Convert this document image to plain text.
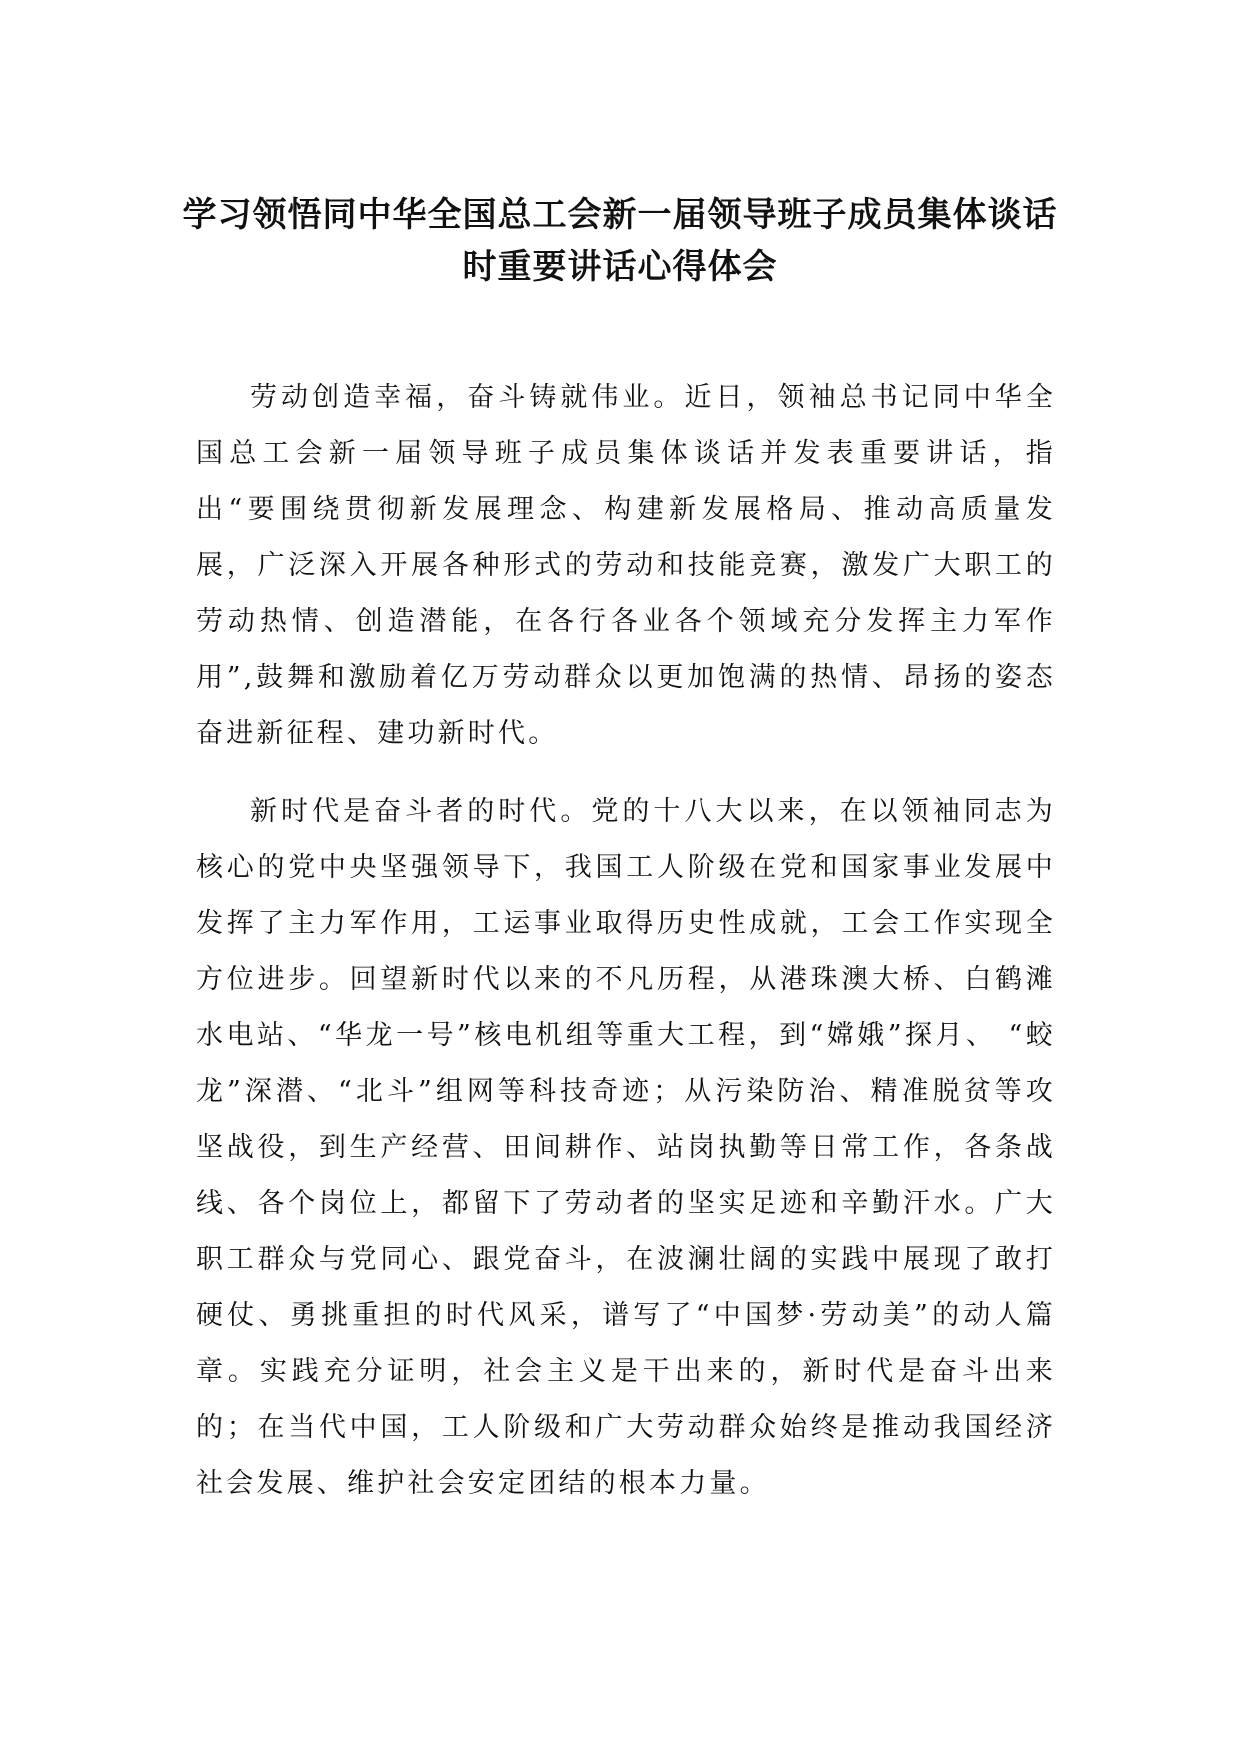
学习领悟同中华全国总工会新一届领导班子成员集体谈话
时重要讲话心得体会

劳动创造幸福，奋斗铸就伟业。近日，领袖总书记同中华全国总工会新一届领导班子成员集体谈话并发表重要讲话，指出“要围绕贯彻新发展理念、构建新发展格局、推动高质量发展，广泛深入开展各种形式的劳动和技能竞赛，激发广大职工的劳动热情、创造潜能，在各行各业各个领域充分发挥主力军作用”,鼓舞和激励着亿万劳动群众以更加饱满的热情、昂扬的姿态奋进新征程、建功新时代。

新时代是奋斗者的时代。党的十八大以来，在以领袖同志为核心的党中央坚强领导下，我国工人阶级在党和国家事业发展中发挥了主力军作用，工运事业取得历史性成就，工会工作实现全方位进步。回望新时代以来的不凡历程，从港珠澳大桥、白鹤滩水电站、“华龙一号”核电机组等重大工程，到“嫦娥”探月、 “蛟龙”深潜、“北斗”组网等科技奇迹；从污染防治、精准脱贫等攻坚战役，到生产经营、田间耕作、站岗执勤等日常工作，各条战线、各个岗位上，都留下了劳动者的坚实足迹和辛勤汗水。广大职工群众与党同心、跟党奋斗，在波澜壮阔的实践中展现了敢打硬仗、勇挑重担的时代风采，谱写了“中国梦·劳动美”的动人篇章。实践充分证明，社会主义是干出来的，新时代是奋斗出来的；在当代中国，工人阶级和广大劳动群众始终是推动我国经济社会发展、维护社会安定团结的根本力量。
